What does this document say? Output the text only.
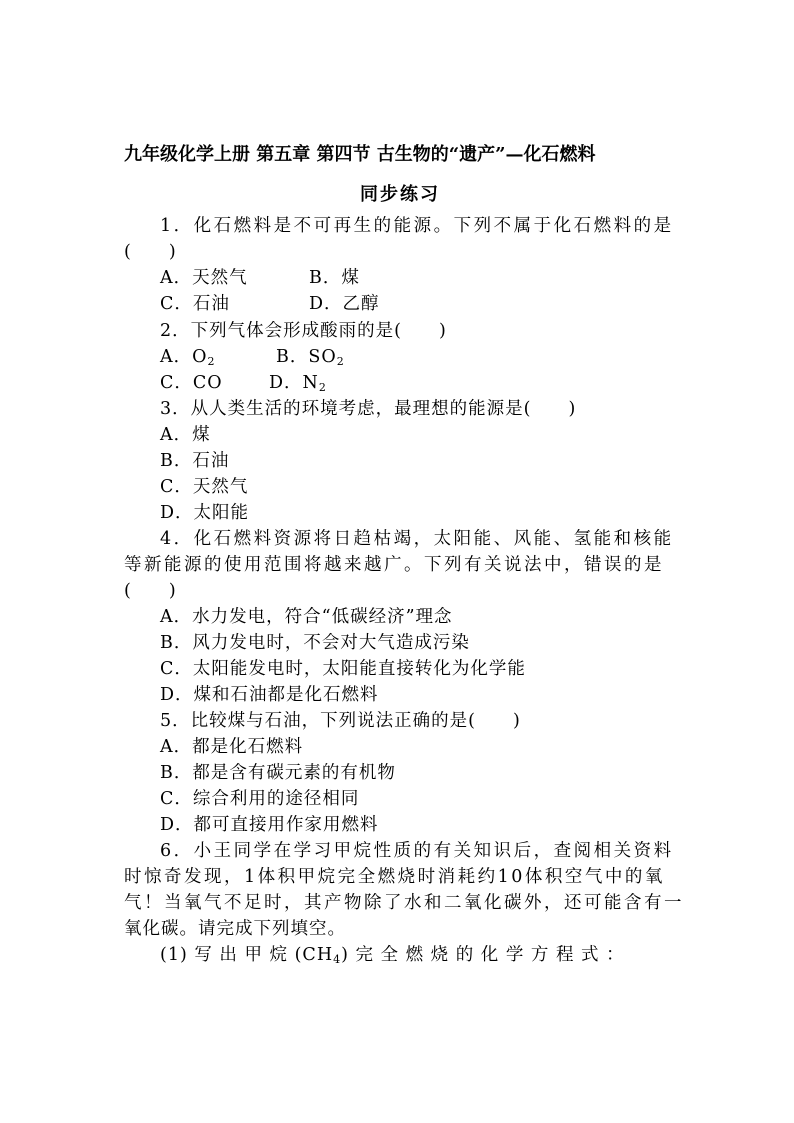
九年级化学上册 第五章 第四节 古生物的“遗产”—化石燃料
同步练习
1．化石燃料是不可再生的能源。下列不属于化石燃料的是
(　　)
A．天然气	B．煤
C．石油	D．乙醇
2．下列气体会形成酸雨的是(　　)
A．$O_2$	B．$SO_2$
C．CO	D．$N_2$
3．从人类生活的环境考虑，最理想的能源是(　　)
A．煤
B．石油
C．天然气
D．太阳能
4．化石燃料资源将日趋枯竭，太阳能、风能、氢能和核能
等新能源的使用范围将越来越广。下列有关说法中，错误的是
(　　)
A．水力发电，符合“低碳经济”理念
B．风力发电时，不会对大气造成污染
C．太阳能发电时，太阳能直接转化为化学能
D．煤和石油都是化石燃料
5．比较煤与石油，下列说法正确的是(　　)
A．都是化石燃料
B．都是含有碳元素的有机物
C．综合利用的途径相同
D．都可直接用作家用燃料
6．小王同学在学习甲烷性质的有关知识后，查阅相关资料
时惊奇发现，1体积甲烷完全燃烧时消耗约10体积空气中的氧
气！当氧气不足时，其产物除了水和二氧化碳外，还可能含有一
氧化碳。请完成下列填空。
(1) 写 出 甲 烷 $(CH_4)$ 完 全 燃 烧 的 化 学 方 程 式 ：
